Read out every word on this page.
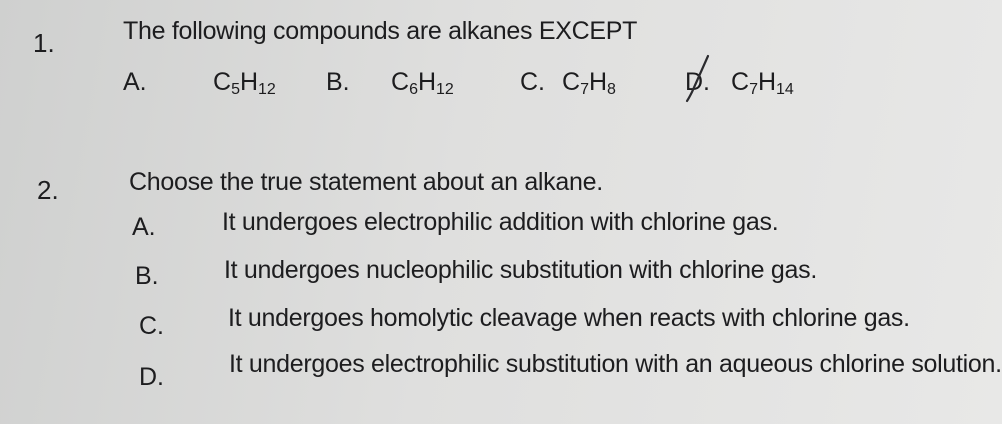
1.	The following compounds are alkanes EXCEPT
A.	$C_5H_{12}$ B. $C_6H_{12}$	C. $C_7H_8$	D. $C_7H_{14}$
2.	Choose the true statement about an alkane.
A.	It undergoes electrophilic addition with chlorine gas.
B.	It undergoes nucleophilic substitution with chlorine gas.
C.	It undergoes homolytic cleavage when reacts with chlorine gas.
D.	It undergoes electrophilic substitution with an aqueous chlorine solution.
